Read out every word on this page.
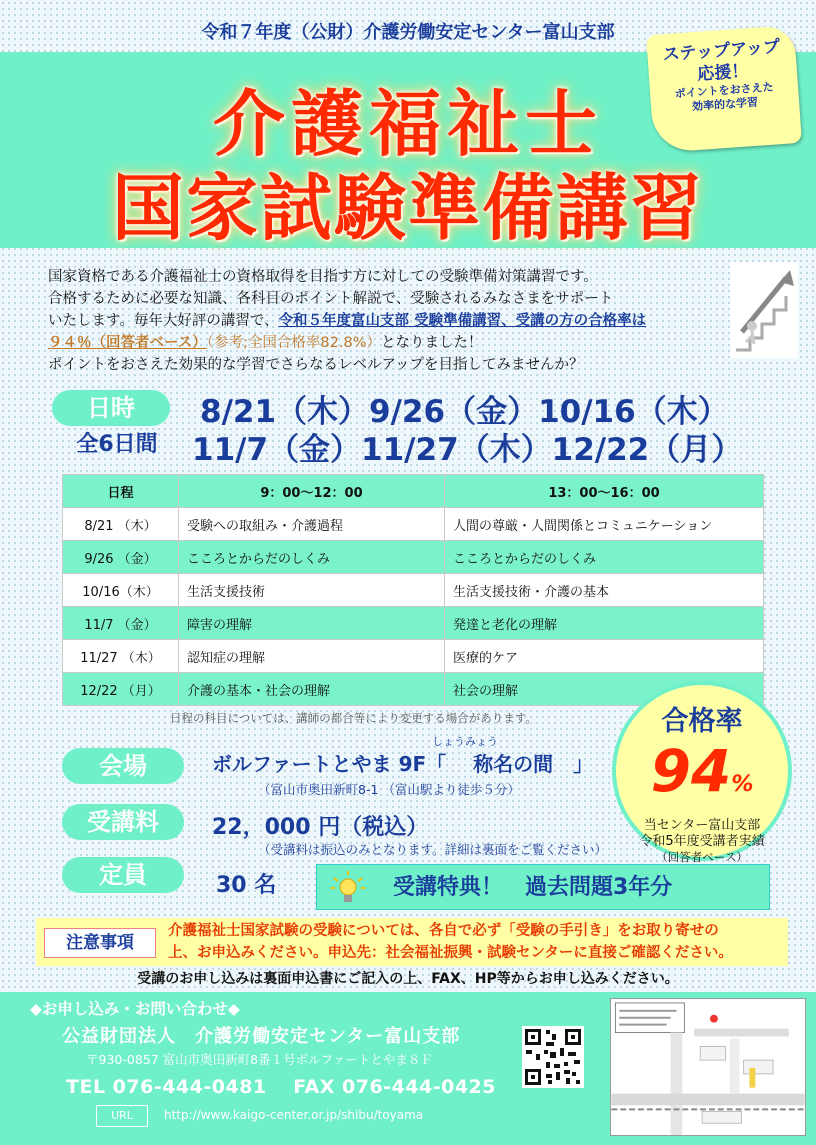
令和７年度（公財）介護労働安定センター富山支部
介護福祉士
国家試験準備講習
ステップアップ
応援！
ポイントをおさえた
効率的な学習
国家資格である介護福祉士の資格取得を目指す方に対しての受験準備対策講習です。
合格するために必要な知識、各科目のポイント解説で、受験されるみなさまをサポート
いたします。毎年大好評の講習で、令和５年度富山支部 受験準備講習、受講の方の合格率は
９４％（回答者ベース）（参考;全国合格率82.8%）となりました！
ポイントをおさえた効果的な学習でさらなるレベルアップを目指してみませんか？
日時
全6日間
8/21（木）9/26（金）10/16（木）
11/7（金）11/27（木）12/22（月）
日程	9：00～12：00	13：00～16：00
8/21 （木）	受験への取組み・介護過程	人間の尊厳・人間関係とコミュニケーション
9/26 （金）	こころとからだのしくみ	こころとからだのしくみ
10/16（木）	生活支援技術	生活支援技術・介護の基本
11/7 （金）	障害の理解	発達と老化の理解
11/27 （木）	認知症の理解	医療的ケア
12/22 （月）	介護の基本・社会の理解	社会の理解
日程の科目については、講師の都合等により変更する場合があります。
会場
しょうみょう
ボルファートとやま 9F「　 称名の間　」
（富山市奥田新町8-1 （富山駅より徒歩５分）
受講料	22，000 円（税込）
（受講料は振込のみとなります。詳細は裏面をご覧ください）
定員	30 名	受講特典！　過去問題3年分
合格率
94%
当センター富山支部
令和5年度受講者実績
（回答者ベース）
注意事項
介護福祉士国家試験の受験については、各自で必ず「受験の手引き」をお取り寄せの
上、お申込みください。申込先：社会福祉振興・試験センターに直接ご確認ください。
受講のお申し込みは裏面申込書にご記入の上、FAX、HP等からお申し込みください。
◆お申し込み・お問い合わせ◆
公益財団法人　介護労働安定センター富山支部
〒930-0857 富山市奥田新町8番１号ボルファートとやま８Ｆ
TEL 076-444-0481　 FAX 076-444-0425
URL	http://www.kaigo-center.or.jp/shibu/toyama
